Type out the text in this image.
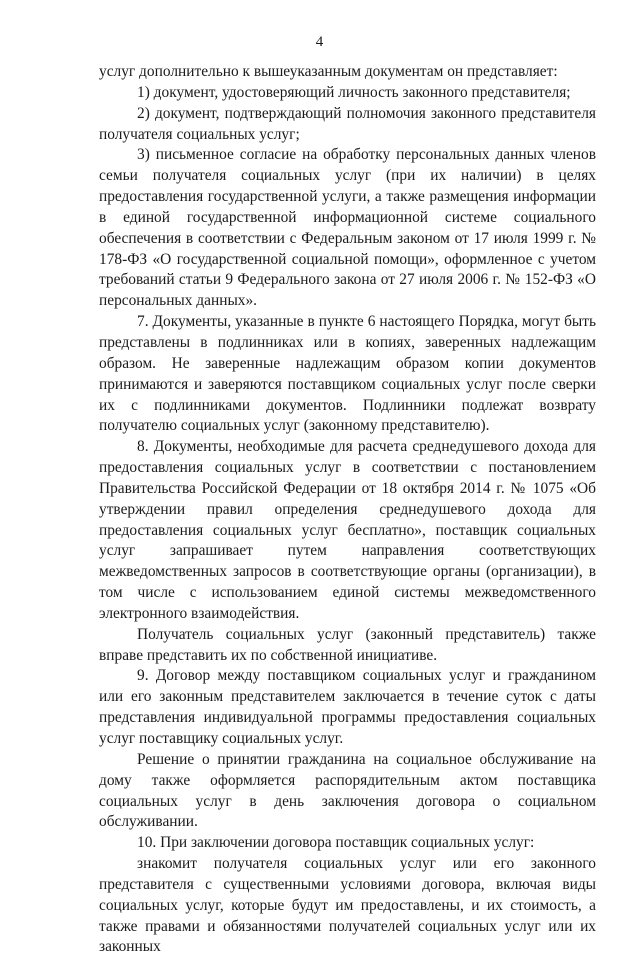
4

услуг дополнительно к вышеуказанным документам он представляет:

1) документ, удостоверяющий личность законного представителя;

2) документ, подтверждающий полномочия законного представителя получателя социальных услуг;

3) письменное согласие на обработку персональных данных членов семьи получателя социальных услуг (при их наличии) в целях предоставления государственной услуги, а также размещения информации в единой государственной информационной системе социального обеспечения в соответствии с Федеральным законом от 17 июля 1999 г. № 178-ФЗ «О государственной социальной помощи», оформленное с учетом требований статьи 9 Федерального закона от 27 июля 2006 г. № 152-ФЗ «О персональных данных».

7. Документы, указанные в пункте 6 настоящего Порядка, могут быть представлены в подлинниках или в копиях, заверенных надлежащим образом. Не заверенные надлежащим образом копии документов принимаются и заверяются поставщиком социальных услуг после сверки их с подлинниками документов. Подлинники подлежат возврату получателю социальных услуг (законному представителю).

8. Документы, необходимые для расчета среднедушевого дохода для предоставления социальных услуг в соответствии с постановлением Правительства Российской Федерации от 18 октября 2014 г. № 1075 «Об утверждении правил определения среднедушевого дохода для предоставления социальных услуг бесплатно», поставщик социальных услуг запрашивает путем направления соответствующих межведомственных запросов в соответствующие органы (организации), в том числе с использованием единой системы межведомственного электронного взаимодействия.

Получатель социальных услуг (законный представитель) также вправе представить их по собственной инициативе.

9. Договор между поставщиком социальных услуг и гражданином или его законным представителем заключается в течение суток с даты представления индивидуальной программы предоставления социальных услуг поставщику социальных услуг.

Решение о принятии гражданина на социальное обслуживание на дому также оформляется распорядительным актом поставщика социальных услуг в день заключения договора о социальном обслуживании.

10. При заключении договора поставщик социальных услуг:

знакомит получателя социальных услуг или его законного представителя с существенными условиями договора, включая виды социальных услуг, которые будут им предоставлены, и их стоимость, а также правами и обязанностями получателей социальных услуг или их законных
